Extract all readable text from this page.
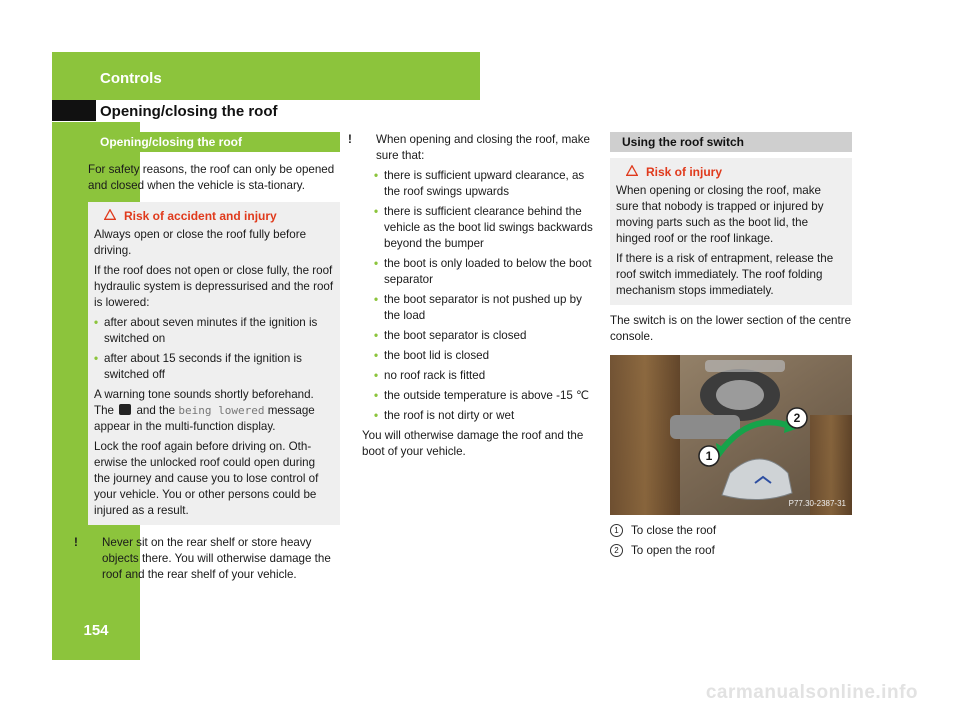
Controls
Opening/closing the roof
154
Opening/closing the roof

For safety reasons, the roof can only be opened and closed when the vehicle is sta-tionary.

Risk of accident and injury

Always open or close the roof fully before driving.

If the roof does not open or close fully, the roof hydraulic system is depressurised and the roof is lowered:

• after about seven minutes if the ignition is switched on
• after about 15 seconds if the ignition is switched off

A warning tone sounds shortly beforehand. The and the being lowered message appear in the multi-function display.

Lock the roof again before driving on. Oth-erwise the unlocked roof could open during the journey and cause you to lose control of your vehicle. You or other persons could be injured as a result.

! Never sit on the rear shelf or store heavy objects there. You will otherwise damage the roof and the rear shelf of your vehicle.

! When opening and closing the roof, make sure that:

• there is sufficient upward clearance, as the roof swings upwards
• there is sufficient clearance behind the vehicle as the boot lid swings backwards beyond the bumper
• the boot is only loaded to below the boot separator
• the boot separator is not pushed up by the load
• the boot separator is closed
• the boot lid is closed
• no roof rack is fitted
• the outside temperature is above -15 ℃
• the roof is not dirty or wet

You will otherwise damage the roof and the boot of your vehicle.

Using the roof switch
Risk of injury

When opening or closing the roof, make sure that nobody is trapped or injured by moving parts such as the boot lid, the hinged roof or the roof linkage.

If there is a risk of entrapment, release the roof switch immediately. The roof folding mechanism stops immediately.

The switch is on the lower section of the centre console.

1
2
P77.30-2387-31
1 To close the roof
2 To open the roof
carmanualsonline.info
